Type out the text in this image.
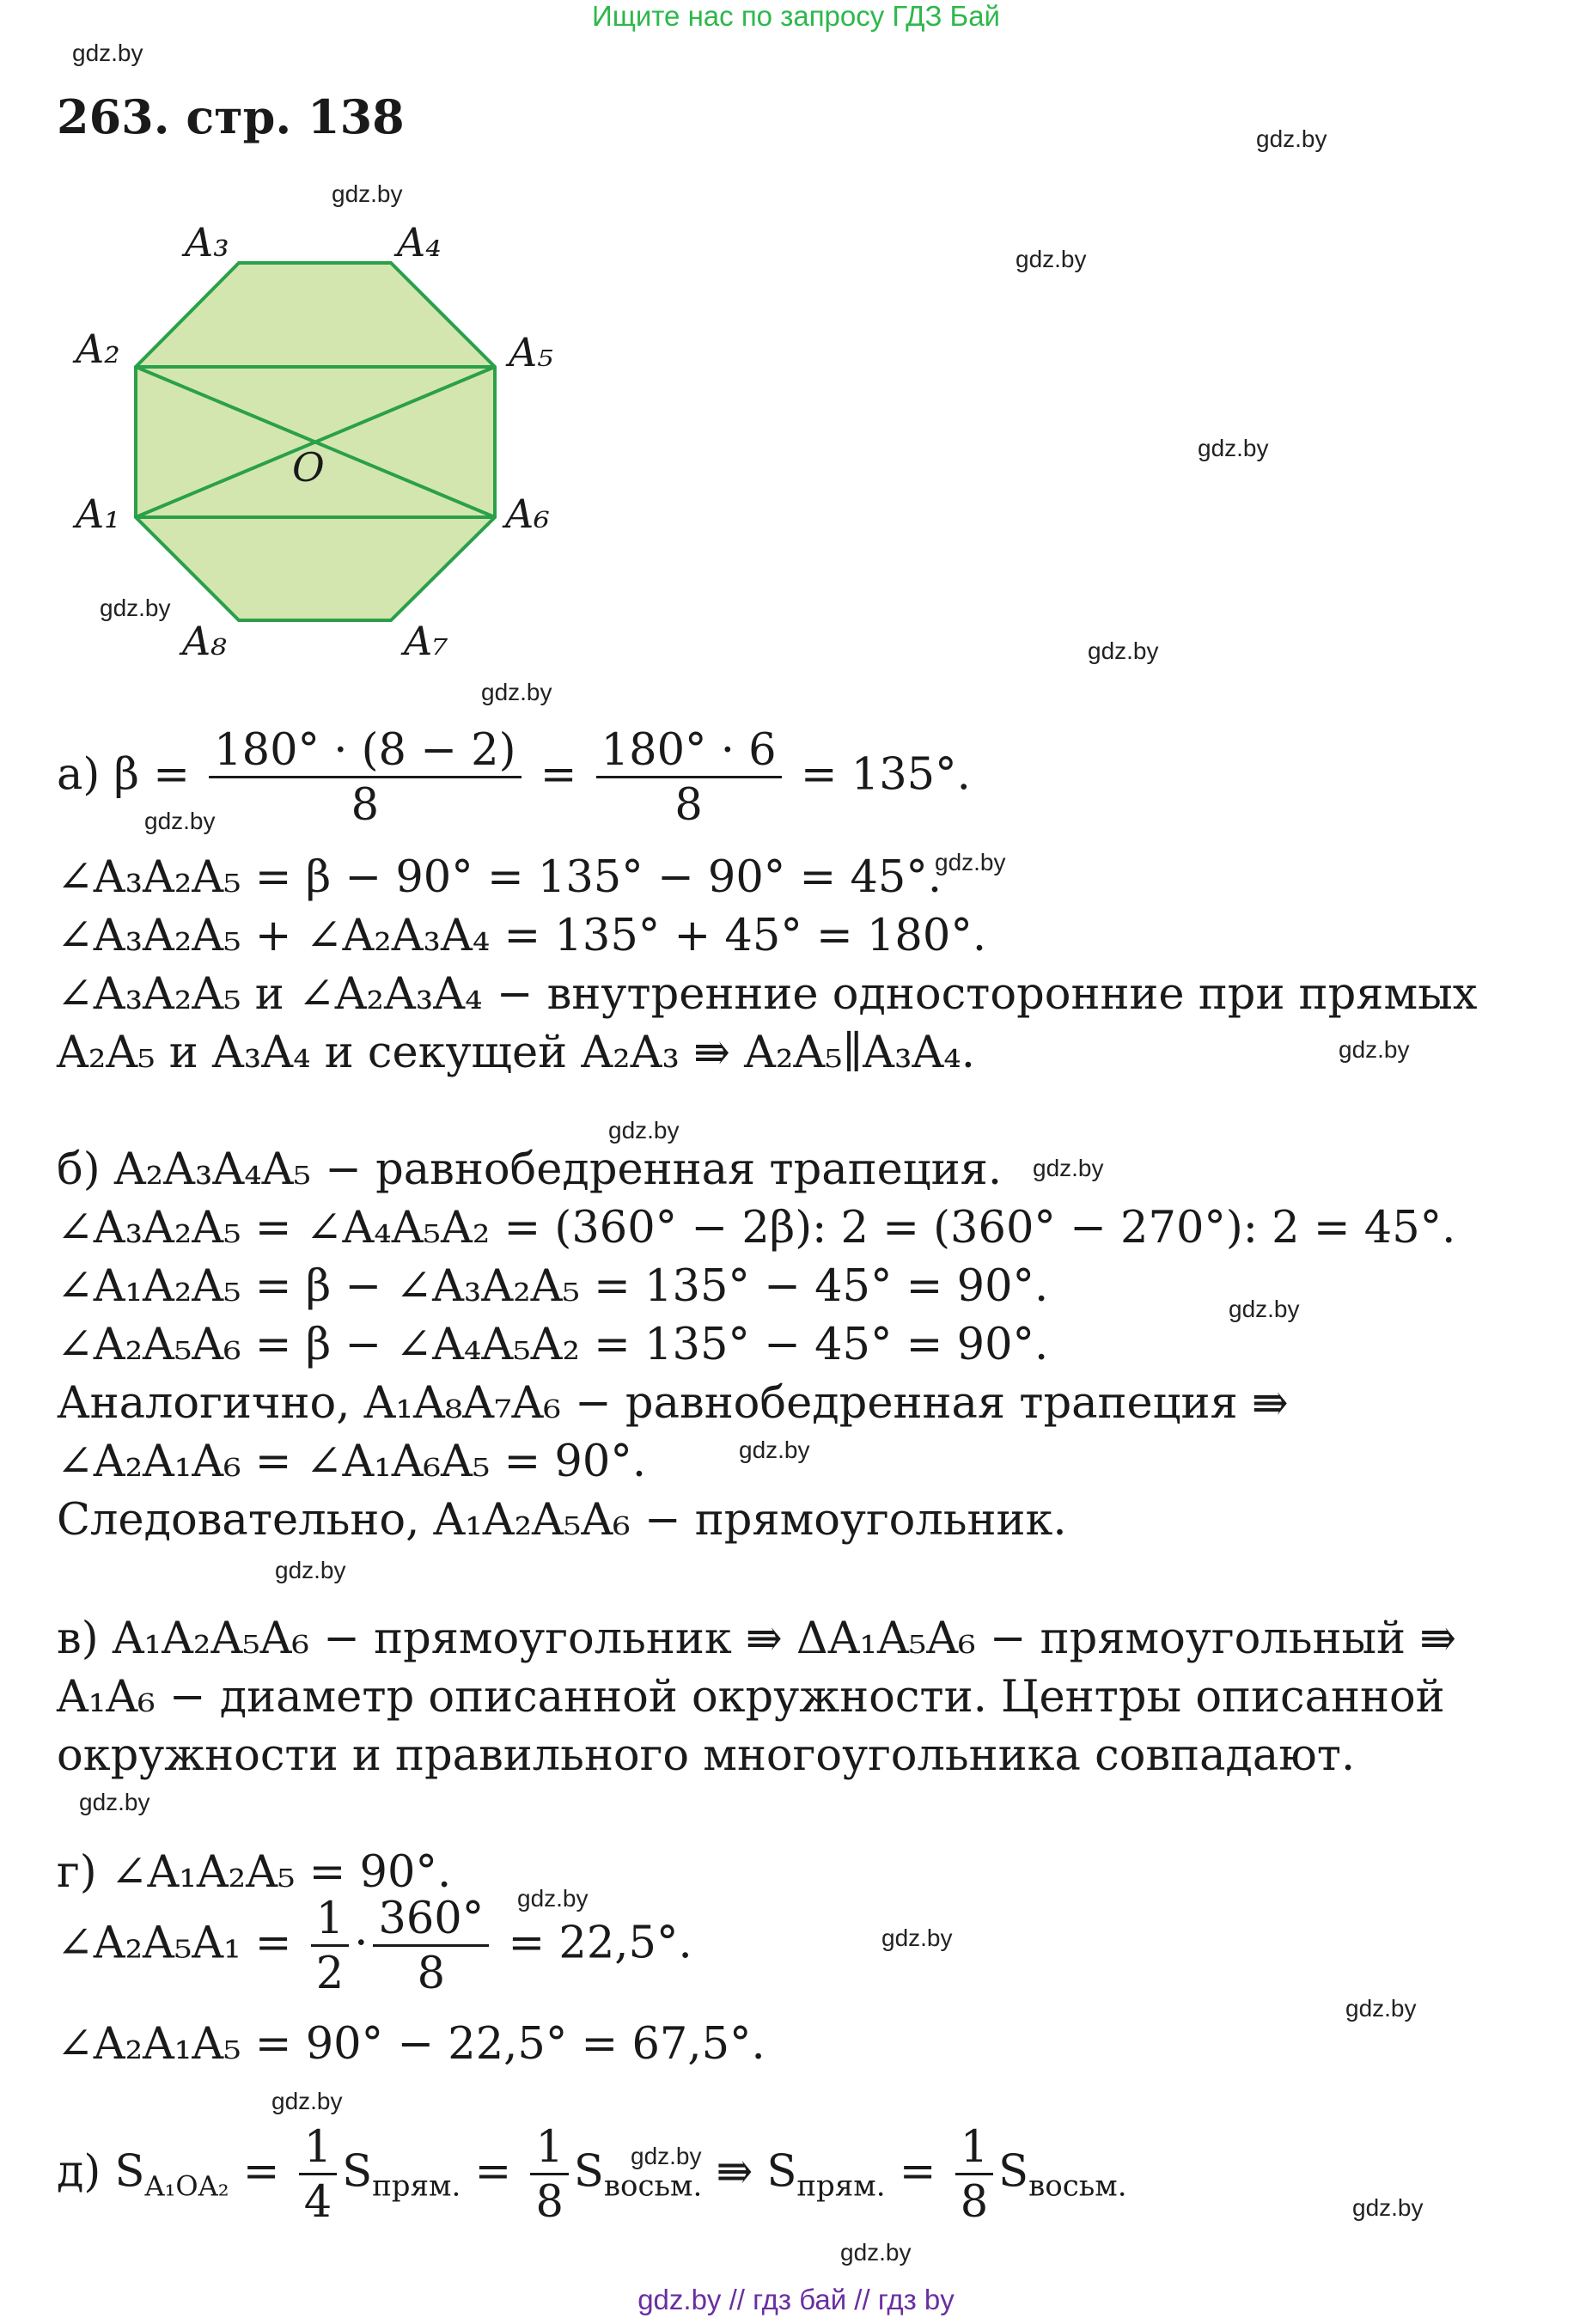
Ищите нас по запросу ГДЗ Бай
263. стр. 138
gdz.by
gdz.by
gdz.by
gdz.by
gdz.by
gdz.by
gdz.by
gdz.by
gdz.by
gdz.by
gdz.by
gdz.by
gdz.by
gdz.by
gdz.by
gdz.by
gdz.by
gdz.by
gdz.by
gdz.by
gdz.by
gdz.by
gdz.by
gdz.by
A₃	A₄
A₂	A₅
O
A₁	A₆
A₈	A₇
а) $\beta = \frac{180^\circ \cdot (8 - 2)}{8} = \frac{180^\circ \cdot 6}{8} = 135^\circ$.
∠A₃A₂A₅ = β − 90° = 135° − 90° = 45°.
∠A₃A₂A₅ + ∠A₂A₃A₄ = 135° + 45° = 180°.
∠A₃A₂A₅ и ∠A₂A₃A₄ − внутренние односторонние при прямых
A₂A₅ и A₃A₄ и секущей A₂A₃ ⇛ A₂A₅∥A₃A₄.
б) A₂A₃A₄A₅ − равнобедренная трапеция.
∠A₃A₂A₅ = ∠A₄A₅A₂ = (360° − 2β): 2 = (360° − 270°): 2 = 45°.
∠A₁A₂A₅ = β − ∠A₃A₂A₅ = 135° − 45° = 90°.
∠A₂A₅A₆ = β − ∠A₄A₅A₂ = 135° − 45° = 90°.
Аналогично, A₁A₈A₇A₆ − равнобедренная трапеция ⇛
∠A₂A₁A₆ = ∠A₁A₆A₅ = 90°.
Следовательно, A₁A₂A₅A₆ − прямоугольник.
в) A₁A₂A₅A₆ − прямоугольник ⇛ ΔA₁A₅A₆ − прямоугольный ⇛
A₁A₆ − диаметр описанной окружности. Центры описанной
окружности и правильного многоугольника совпадают.
г) ∠A₁A₂A₅ = 90°.
∠A₂A₅A₁ = $\frac{1}{2} \cdot \frac{360^\circ}{8} = 22,5^\circ$.
∠A₂A₁A₅ = 90° − 22,5° = 67,5°.
д) $S_{A_1OA_2} = \frac{1}{4} S_{прям.} = \frac{1}{8} S_{восьм.}$ ⇛ $S_{прям.} = \frac{1}{8} S_{восьм.}$
gdz.by // гдз бай // гдз by
